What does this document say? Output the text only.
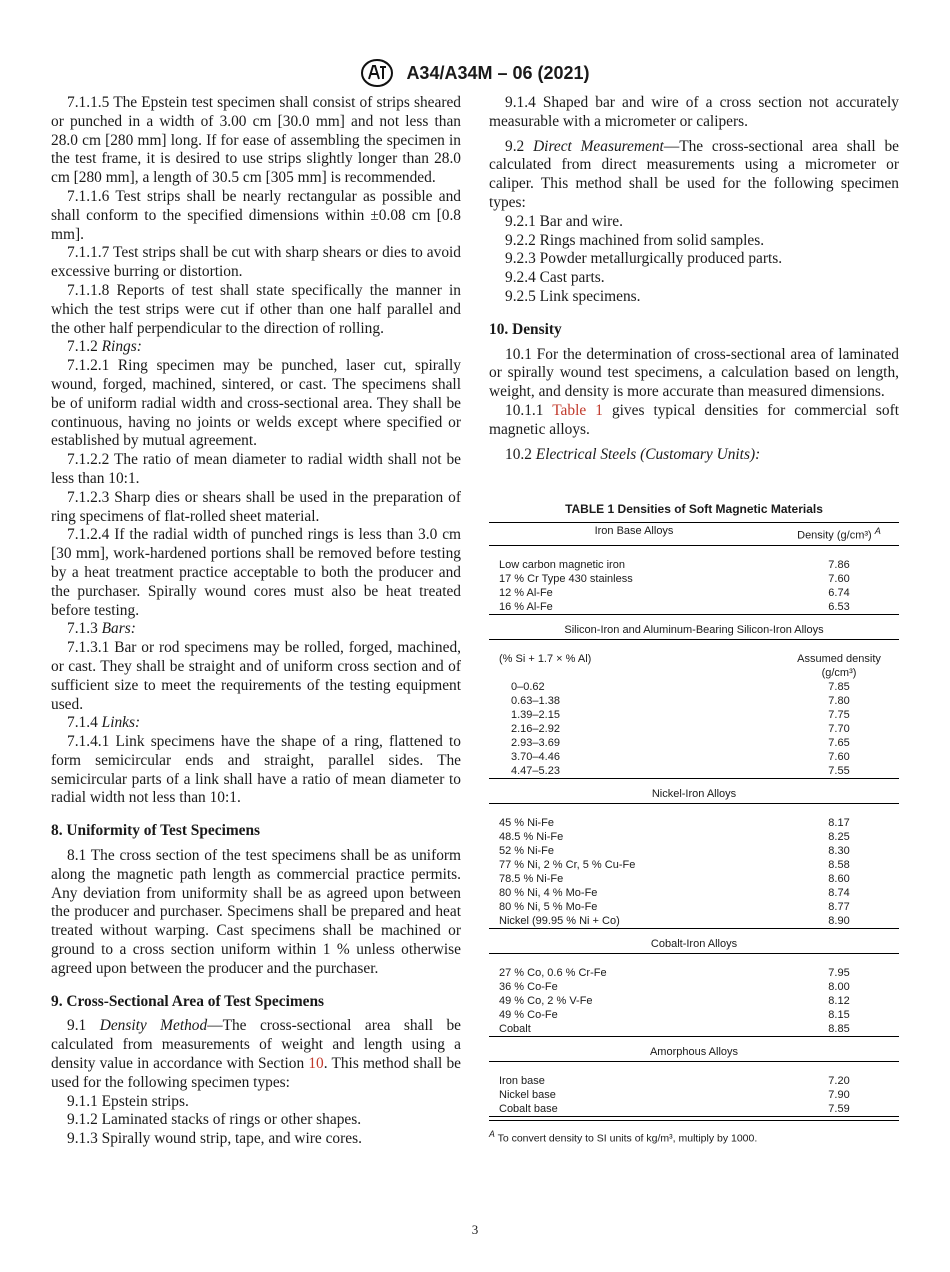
A34/A34M – 06 (2021)

7.1.1.5 The Epstein test specimen shall consist of strips sheared or punched in a width of 3.00 cm [30.0 mm] and not less than 28.0 cm [280 mm] long. If for ease of assembling the specimen in the test frame, it is desired to use strips slightly longer than 28.0 cm [280 mm], a length of 30.5 cm [305 mm] is recommended.

7.1.1.6 Test strips shall be nearly rectangular as possible and shall conform to the specified dimensions within ±0.08 cm [0.8 mm].

7.1.1.7 Test strips shall be cut with sharp shears or dies to avoid excessive burring or distortion.

7.1.1.8 Reports of test shall state specifically the manner in which the test strips were cut if other than one half parallel and the other half perpendicular to the direction of rolling.

7.1.2 Rings:

7.1.2.1 Ring specimen may be punched, laser cut, spirally wound, forged, machined, sintered, or cast. The specimens shall be of uniform radial width and cross-sectional area. They shall be continuous, having no joints or welds except where specified or established by mutual agreement.

7.1.2.2 The ratio of mean diameter to radial width shall not be less than 10:1.

7.1.2.3 Sharp dies or shears shall be used in the preparation of ring specimens of flat-rolled sheet material.

7.1.2.4 If the radial width of punched rings is less than 3.0 cm [30 mm], work-hardened portions shall be removed before testing by a heat treatment practice acceptable to both the producer and the purchaser. Spirally wound cores must also be heat treated before testing.

7.1.3 Bars:

7.1.3.1 Bar or rod specimens may be rolled, forged, machined, or cast. They shall be straight and of uniform cross section and of sufficient size to meet the requirements of the testing equipment used.

7.1.4 Links:

7.1.4.1 Link specimens have the shape of a ring, flattened to form semicircular ends and straight, parallel sides. The semicircular parts of a link shall have a ratio of mean diameter to radial width not less than 10:1.

8. Uniformity of Test Specimens

8.1 The cross section of the test specimens shall be as uniform along the magnetic path length as commercial practice permits. Any deviation from uniformity shall be as agreed upon between the producer and purchaser. Specimens shall be prepared and heat treated without warping. Cast specimens shall be machined or ground to a cross section uniform within 1 % unless otherwise agreed upon between the producer and the purchaser.

9. Cross-Sectional Area of Test Specimens

9.1 Density Method—The cross-sectional area shall be calculated from measurements of weight and length using a density value in accordance with Section 10. This method shall be used for the following specimen types:

9.1.1 Epstein strips.

9.1.2 Laminated stacks of rings or other shapes.

9.1.3 Spirally wound strip, tape, and wire cores.

9.1.4 Shaped bar and wire of a cross section not accurately measurable with a micrometer or calipers.

9.2 Direct Measurement—The cross-sectional area shall be calculated from direct measurements using a micrometer or caliper. This method shall be used for the following specimen types:

9.2.1 Bar and wire.

9.2.2 Rings machined from solid samples.

9.2.3 Powder metallurgically produced parts.

9.2.4 Cast parts.

9.2.5 Link specimens.

10. Density

10.1 For the determination of cross-sectional area of laminated or spirally wound test specimens, a calculation based on length, weight, and density is more accurate than measured dimensions.

10.1.1 Table 1 gives typical densities for commercial soft magnetic alloys.

10.2 Electrical Steels (Customary Units):

TABLE 1 Densities of Soft Magnetic Materials

Iron Base Alloys	Density (g/cm³) $^A$

Low carbon magnetic iron	7.86
17 % Cr Type 430 stainless	7.60
12 % Al-Fe	6.74
16 % Al-Fe	6.53
Silicon-Iron and Aluminum-Bearing Silicon-Iron Alloys	

(% Si + 1.7 × % Al)	Assumed density
(g/cm³)
0–0.62	7.85
0.63–1.38	7.80
1.39–2.15	7.75
2.16–2.92	7.70
2.93–3.69	7.65
3.70–4.46	7.60
4.47–5.23	7.55
Nickel-Iron Alloys	

45 % Ni-Fe	8.17
48.5 % Ni-Fe	8.25
52 % Ni-Fe	8.30
77 % Ni, 2 % Cr, 5 % Cu-Fe	8.58
78.5 % Ni-Fe	8.60
80 % Ni, 4 % Mo-Fe	8.74
80 % Ni, 5 % Mo-Fe	8.77
Nickel (99.95 % Ni + Co)	8.90
Cobalt-Iron Alloys	

27 % Co, 0.6 % Cr-Fe	7.95
36 % Co-Fe	8.00
49 % Co, 2 % V-Fe	8.12
49 % Co-Fe	8.15
Cobalt	8.85
Amorphous Alloys	

Iron base	7.20
Nickel base	7.90
Cobalt base	7.59
$^A$ To convert density to SI units of kg/m³, multiply by 1000.
3
